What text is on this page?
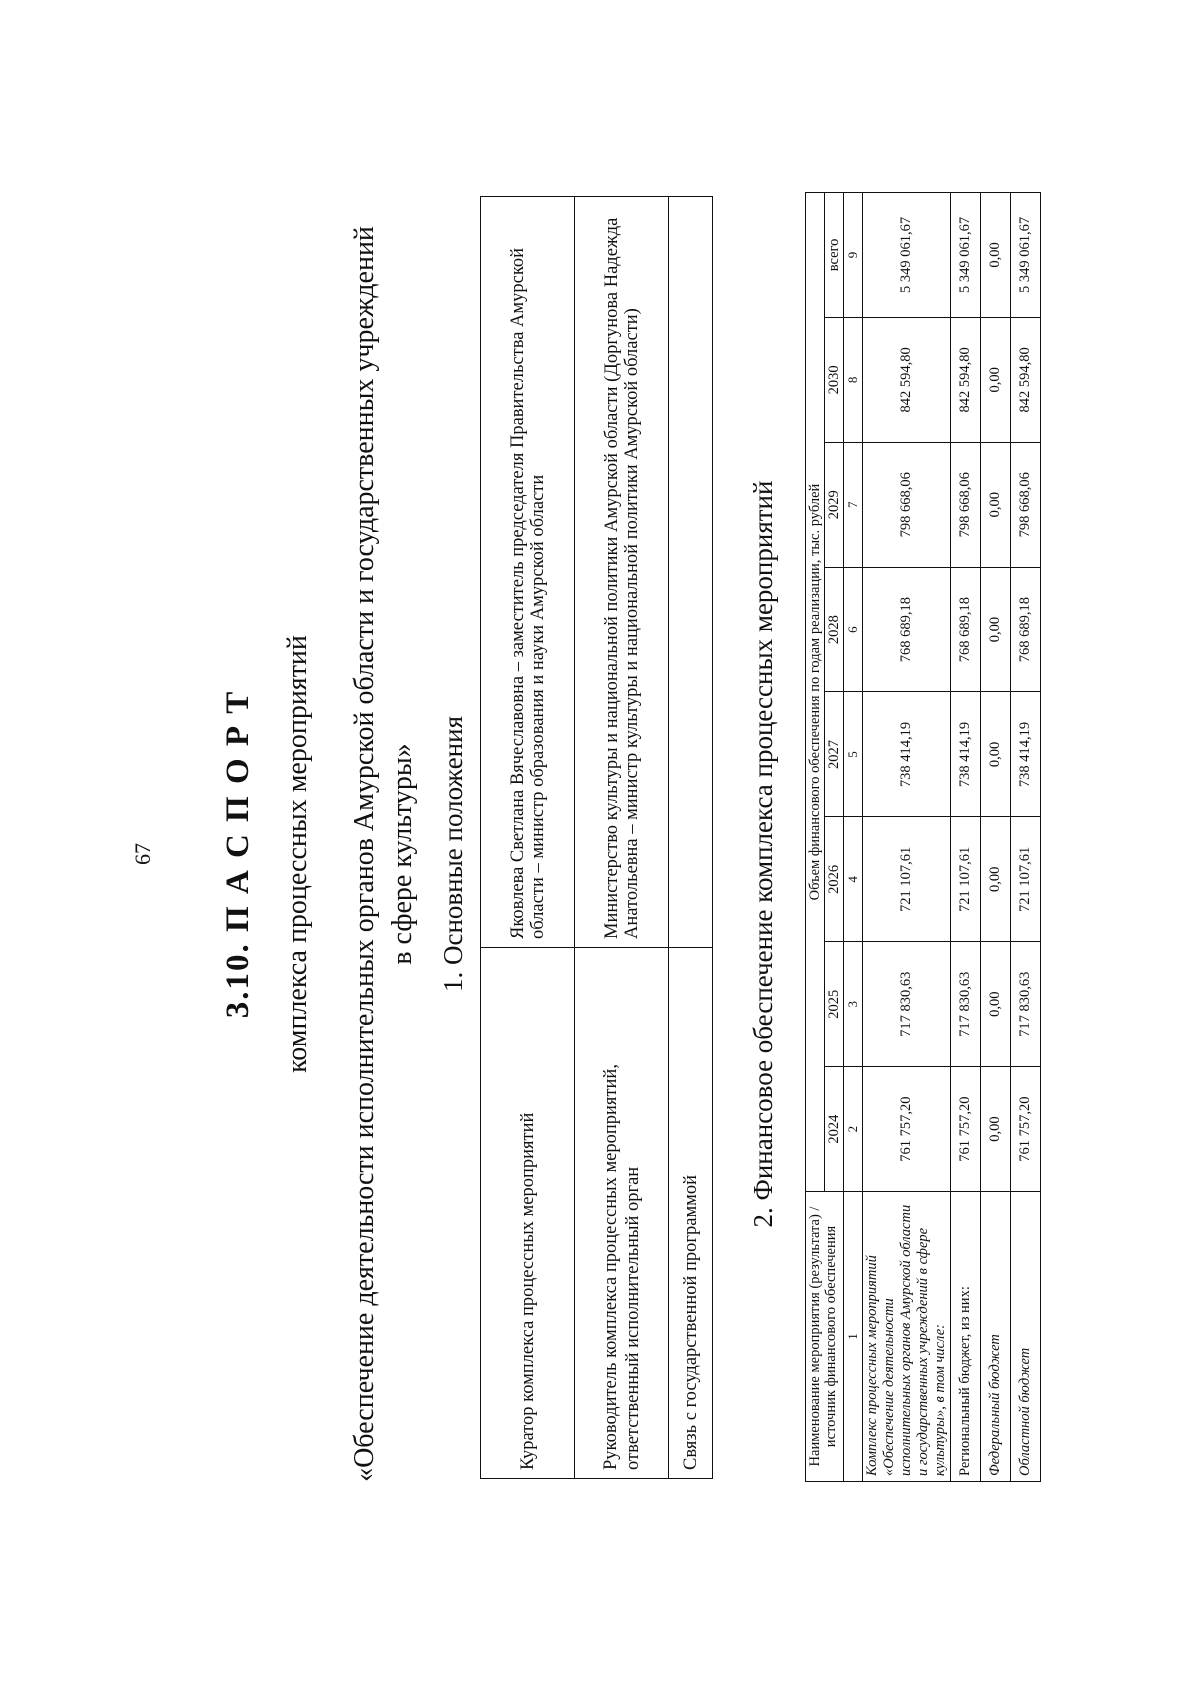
67 3.10. П А С П О Р Т комплекса процессных мероприятий «Обеспечение деятельности исполнительных органов Амурской области и государственных учреждений в сфере культуры» 1. Основные положения
Куратор комплекса процессных мероприятий	Яковлева Светлана Вячеславовна – заместитель председателя Правительства Амурской области – министр образования и науки Амурской области
Руководитель комплекса процессных мероприятий, ответственный исполнительный орган	Министерство культуры и национальной политики Амурской области (Доргунова Надежда Анатольевна – министр культуры и национальной политики Амурской области)
Связь с государственной программой	
2. Финансовое обеспечение комплекса процессных мероприятий
Наименование мероприятия (результата) / источник финансового обеспечения	Объем финансового обеспечения по годам реализации, тыс. рублей							
	2024	2025	2026	2027	2028	2029	2030	всего
1	2	3	4	5	6	7	8	9
Комплекс процессных мероприятий «Обеспечение деятельности исполнительных органов Амурской области и государственных учреждений в сфере культуры», в том числе:	761 757,20	717 830,63	721 107,61	738 414,19	768 689,18	798 668,06	842 594,80	5 349 061,67
Региональный бюджет, из них:	761 757,20	717 830,63	721 107,61	738 414,19	768 689,18	798 668,06	842 594,80	5 349 061,67
Федеральный бюджет	0,00	0,00	0,00	0,00	0,00	0,00	0,00	0,00
Областной бюджет	761 757,20	717 830,63	721 107,61	738 414,19	768 689,18	798 668,06	842 594,80	5 349 061,67
